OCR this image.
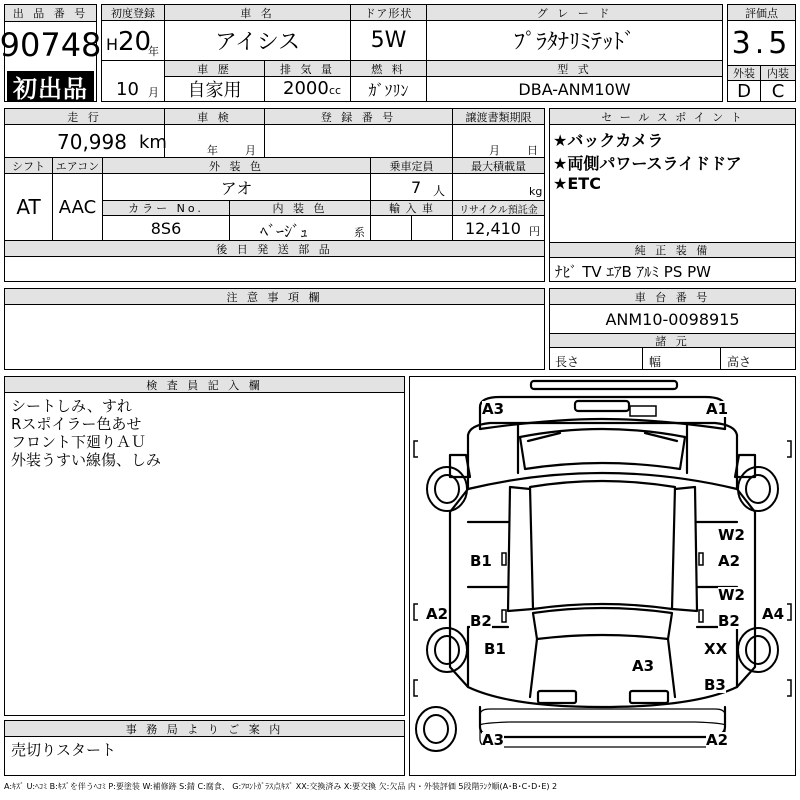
出 品 番 号
90748
初出品
初度登録
H 20
年
車 歴
10 月
車 名
アイシス
ドア形状
5W
グ レ ー ド
ﾌﾟﾗﾀﾅﾘﾐﾃｯﾄﾞ
自家用
排 気 量
2000 cc
燃 料
ｶﾞｿﾘﾝ
型 式
DBA-ANM10W
評価点
3.5
外装	内装
D	C
走 行
70,998 km
車 検
年 月
登 録 番 号	譲渡書類期限
月 日
シフト
AT
エアコン
AAC
外 装 色
アオ
乗車定員
7 人
最大積載量
kg
カラー No.
8S6
内 装 色
ﾍﾞｰｼﾞｭ	系
輸 入 車	リサイクル預託金
12,410 円
後 日 発 送 部 品
セ ー ル ス ポ イ ン ト
★バックカメラ
★両側パワースライドドア
★ETC
純 正 装 備
ﾅﾋﾞ TV ｴｱB ｱﾙﾐ PS PW
注 意 事 項 欄	車 台 番 号
ANM10-0098915
諸 元
長さ	幅	高さ
検 査 員 記 入 欄
シートしみ、すれ
Rスポイラー色あせ
フロント下廻りＡＵ
外装うすい線傷、しみ
事 務 局 よ り ご 案 内
売切りスタート
A3	A1
W2
B1	A2
W2
A2 B2	B2 A4
B1	XX
A3
B3
A3	A2
A:ｷｽﾞ U:ﾍｺﾐ B:ｷｽﾞを伴うﾍｺﾐ P:要塗装 W:補修跡 S:錆 C:腐食、 G:ﾌﾛﾝﾄｶﾞﾗｽ点ｷｽﾞ XX:交換済み X:要交換 欠:欠品 内・外装評価 5段階ﾗﾝｸ順(A･B･C･D･E) 2
